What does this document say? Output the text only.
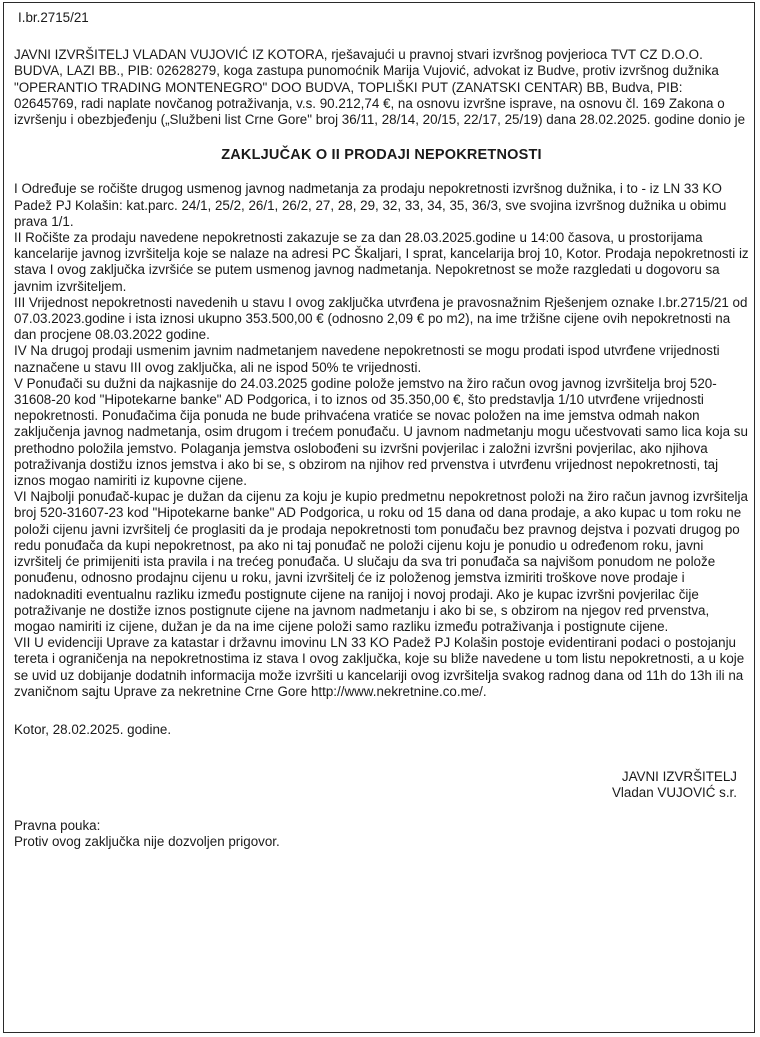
I.br.2715/21

JAVNI IZVRŠITELJ VLADAN VUJOVIĆ IZ KOTORA, rješavajući u pravnoj stvari izvršnog povjerioca TVT CZ D.O.O. BUDVA, LAZI BB., PIB: 02628279, koga zastupa punomoćnik Marija Vujović, advokat iz Budve, protiv izvršnog dužnika "OPERANTIO TRADING MONTENEGRO" DOO BUDVA, TOPLIŠKI PUT (ZANATSKI CENTAR) BB, Budva, PIB: 02645769, radi naplate novčanog potraživanja, v.s. 90.212,74 €, na osnovu izvršne isprave, na osnovu čl. 169 Zakona o izvršenju i obezbjeđenju („Službeni list Crne Gore" broj 36/11, 28/14, 20/15, 22/17, 25/19) dana 28.02.2025. godine donio je

ZAKLJUČAK O II PRODAJI NEPOKRETNOSTI

I Određuje se ročište drugog usmenog javnog nadmetanja za prodaju nepokretnosti izvršnog dužnika, i to - iz LN 33 KO Padež PJ Kolašin: kat.parc. 24/1, 25/2, 26/1, 26/2, 27, 28, 29, 32, 33, 34, 35, 36/3, sve svojina izvršnog dužnika u obimu prava 1/1.

II Ročište za prodaju navedene nepokretnosti zakazuje se za dan 28.03.2025.godine u 14:00 časova, u prostorijama kancelarije javnog izvršitelja koje se nalaze na adresi PC Škaljari, I sprat, kancelarija broj 10, Kotor. Prodaja nepokretnosti iz stava I ovog zaključka izvršiće se putem usmenog javnog nadmetanja. Nepokretnost se može razgledati u dogovoru sa javnim izvršiteljem.

III Vrijednost nepokretnosti navedenih u stavu I ovog zaključka utvrđena je pravosnažnim Rješenjem oznake I.br.2715/21 od 07.03.2023.godine i ista iznosi ukupno 353.500,00 € (odnosno 2,09 € po m2), na ime tržišne cijene ovih nepokretnosti na dan procjene 08.03.2022 godine.

IV Na drugoj prodaji usmenim javnim nadmetanjem navedene nepokretnosti se mogu prodati ispod utvrđene vrijednosti naznačene u stavu III ovog zaključka, ali ne ispod 50% te vrijednosti.

V Ponuđači su dužni da najkasnije do 24.03.2025 godine polože jemstvo na žiro račun ovog javnog izvršitelja broj 520-31608-20 kod "Hipotekarne banke" AD Podgorica, i to iznos od 35.350,00 €, što predstavlja 1/10 utvrđene vrijednosti nepokretnosti. Ponuđačima čija ponuda ne bude prihvaćena vratiće se novac položen na ime jemstva odmah nakon zaključenja javnog nadmetanja, osim drugom i trećem ponuđaču. U javnom nadmetanju mogu učestvovati samo lica koja su prethodno položila jemstvo. Polaganja jemstva oslobođeni su izvršni povjerilac i založni izvršni povjerilac, ako njihova potraživanja dostižu iznos jemstva i ako bi se, s obzirom na njihov red prvenstva i utvrđenu vrijednost nepokretnosti, taj iznos mogao namiriti iz kupovne cijene.

VI Najbolji ponuđač-kupac je dužan da cijenu za koju je kupio predmetnu nepokretnost položi na žiro račun javnog izvršitelja broj 520-31607-23 kod "Hipotekarne banke" AD Podgorica, u roku od 15 dana od dana prodaje, a ako kupac u tom roku ne položi cijenu javni izvršitelj će proglasiti da je prodaja nepokretnosti tom ponuđaču bez pravnog dejstva i pozvati drugog po redu ponuđača da kupi nepokretnost, pa ako ni taj ponuđač ne položi cijenu koju je ponudio u određenom roku, javni izvršitelj će primijeniti ista pravila i na trećeg ponuđača. U slučaju da sva tri ponuđača sa najvišom ponudom ne polože ponuđenu, odnosno prodajnu cijenu u roku, javni izvršitelj će iz položenog jemstva izmiriti troškove nove prodaje i nadoknaditi eventualnu razliku između postignute cijene na ranijoj i novoj prodaji. Ako je kupac izvršni povjerilac čije potraživanje ne dostiže iznos postignute cijene na javnom nadmetanju i ako bi se, s obzirom na njegov red prvenstva, mogao namiriti iz cijene, dužan je da na ime cijene položi samo razliku između potraživanja i postignute cijene.

VII U evidenciji Uprave za katastar i državnu imovinu LN 33 KO Padež PJ Kolašin postoje evidentirani podaci o postojanju tereta i ograničenja na nepokretnostima iz stava I ovog zaključka, koje su bliže navedene u tom listu nepokretnosti, a u koje se uvid uz dobijanje dodatnih informacija može izvršiti u kancelariji ovog izvršitelja svakog radnog dana od 11h do 13h ili na zvaničnom sajtu Uprave za nekretnine Crne Gore http://www.nekretnine.co.me/.

Kotor, 28.02.2025. godine.

JAVNI IZVRŠITELJ
Vladan VUJOVIĆ s.r.
Pravna pouka:
Protiv ovog zaključka nije dozvoljen prigovor.
